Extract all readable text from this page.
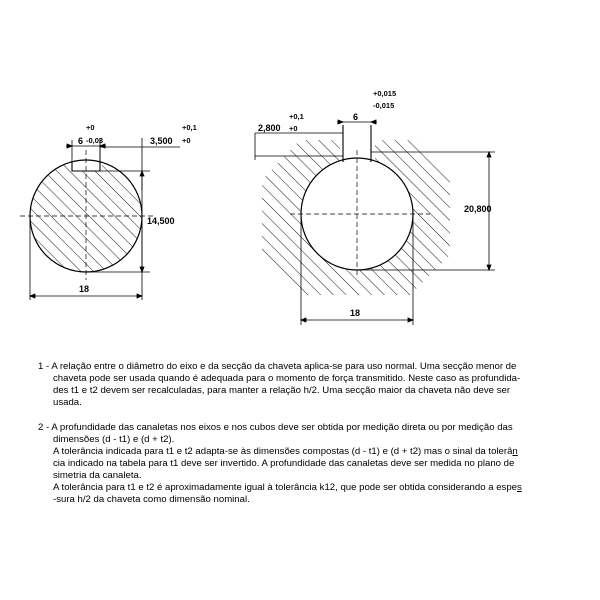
6
+0
-0,03	3,500
+0,1
+0
14,500
18
6
+0,015
-0,015
2,800
+0,1
+0
20,800
18
1 - A relação entre o diâmetro do eixo e da secção da chaveta aplica-se para uso normal. Uma secção menor de
chaveta pode ser usada quando é adequada para o momento de força transmitido. Neste caso as profundida-
des t1 e t2 devem ser recalculadas, para manter a relação h/2. Uma secção maior da chaveta não deve ser
usada.
2 - A profundidade das canaletas nos eixos e nos cubos deve ser obtida por medição direta ou por medição das
dimensões (d - t1) e (d + t2).
A tolerância indicada para t1 e t2 adapta-se às dimensões compostas (d - t1) e (d + t2) mas o sinal da tolerân
cia indicado na tabela para t1 deve ser invertido. A profundidade das canaletas deve ser medida no plano de
simetria da canaleta.
A tolerância para t1 e t2 é aproximadamente igual à tolerância k12, que pode ser obtida considerando a espes
-sura h/2 da chaveta como dimensão nominal.
